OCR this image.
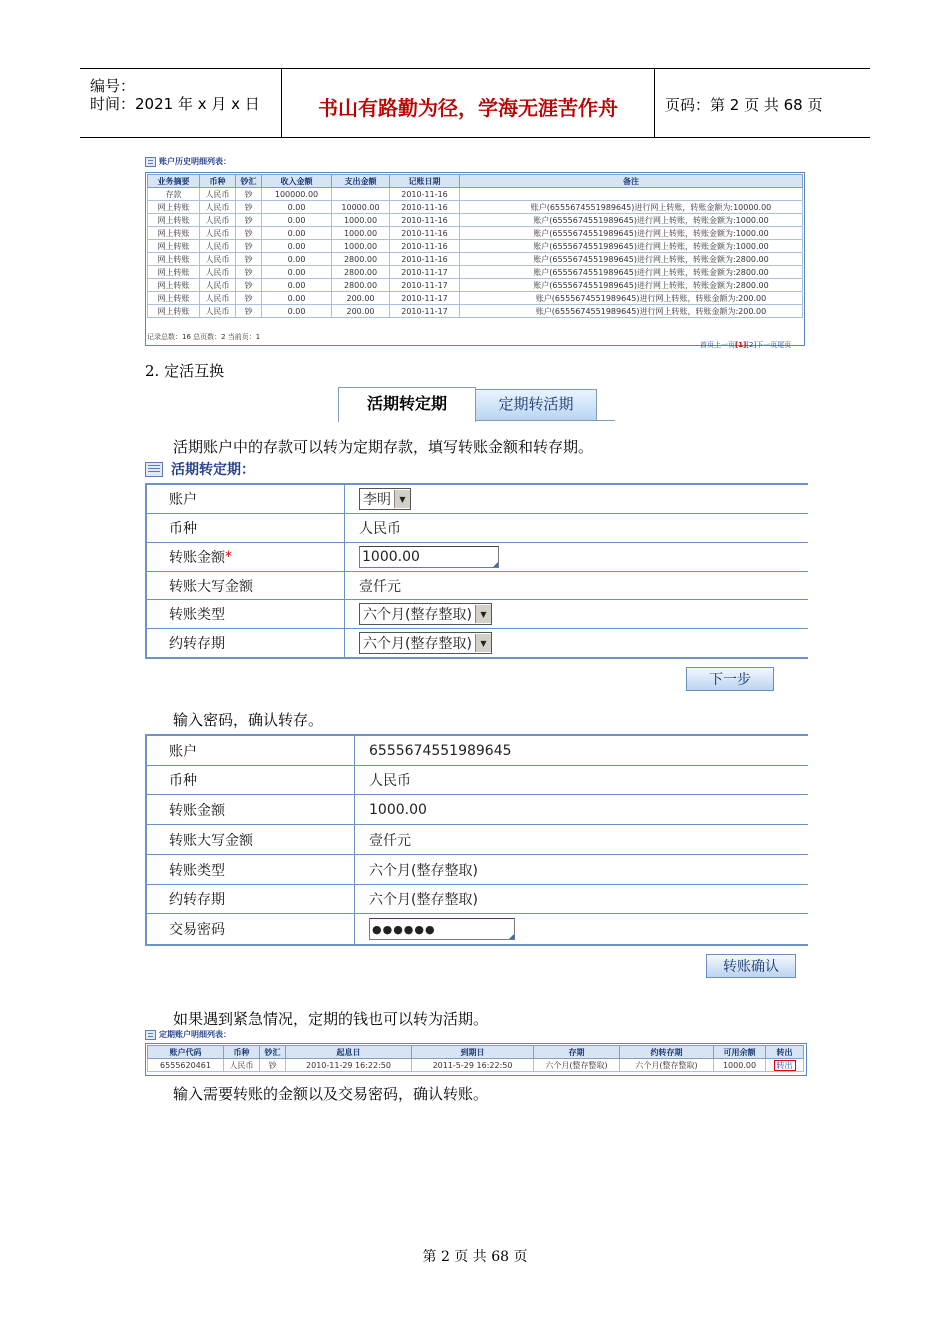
编号：
时间：2021 年 x 月 x 日	书山有路勤为径，学海无涯苦作舟	页码：第 2 页 共 68 页
账户历史明细列表：
业务摘要	币种	钞汇	收入金额	支出金额	记账日期	备注
存款	人民币	钞	100000.00		2010-11-16	
网上转账	人民币	钞	0.00	10000.00	2010-11-16	账户(6555674551989645)进行网上转账，转账金额为:10000.00
网上转账	人民币	钞	0.00	1000.00	2010-11-16	账户(6555674551989645)进行网上转账，转账金额为:1000.00
网上转账	人民币	钞	0.00	1000.00	2010-11-16	账户(6555674551989645)进行网上转账，转账金额为:1000.00
网上转账	人民币	钞	0.00	1000.00	2010-11-16	账户(6555674551989645)进行网上转账，转账金额为:1000.00
网上转账	人民币	钞	0.00	2800.00	2010-11-16	账户(6555674551989645)进行网上转账，转账金额为:2800.00
网上转账	人民币	钞	0.00	2800.00	2010-11-17	账户(6555674551989645)进行网上转账，转账金额为:2800.00
网上转账	人民币	钞	0.00	2800.00	2010-11-17	账户(6555674551989645)进行网上转账，转账金额为:2800.00
网上转账	人民币	钞	0.00	200.00	2010-11-17	账户(6555674551989645)进行网上转账，转账金额为:200.00
网上转账	人民币	钞	0.00	200.00	2010-11-17	账户(6555674551989645)进行网上转账，转账金额为:200.00
记录总数：16 总页数：2 当前页：1
首页上一页[1][2]下一页尾页
2. 定活互换
活期转定期	定期转活期
活期账户中的存款可以转为定期存款，填写转账金额和转存期。
活期转定期：
账户	李明	▼
币种	人民币
转账金额 *	1000.00
转账大写金额	壹仟元
转账类型	六个月(整存整取)	▼
约转存期	六个月(整存整取)	▼
下一步
输入密码，确认转存。
账户	6555674551989645
币种	人民币
转账金额	1000.00
转账大写金额	壹仟元
转账类型	六个月(整存整取)
约转存期	六个月(整存整取)
交易密码	●●●●●●
转账确认
如果遇到紧急情况，定期的钱也可以转为活期。
定期账户明细列表：
账户代码	币种	钞汇	起息日	到期日	存期	约转存期	可用余额	转出
6555620461	人民币	钞	2010-11-29 16:22:50	2011-5-29 16:22:50	六个月(整存整取)	六个月(整存整取)	1000.00	转出
输入需要转账的金额以及交易密码，确认转账。
第 2 页 共 68 页
